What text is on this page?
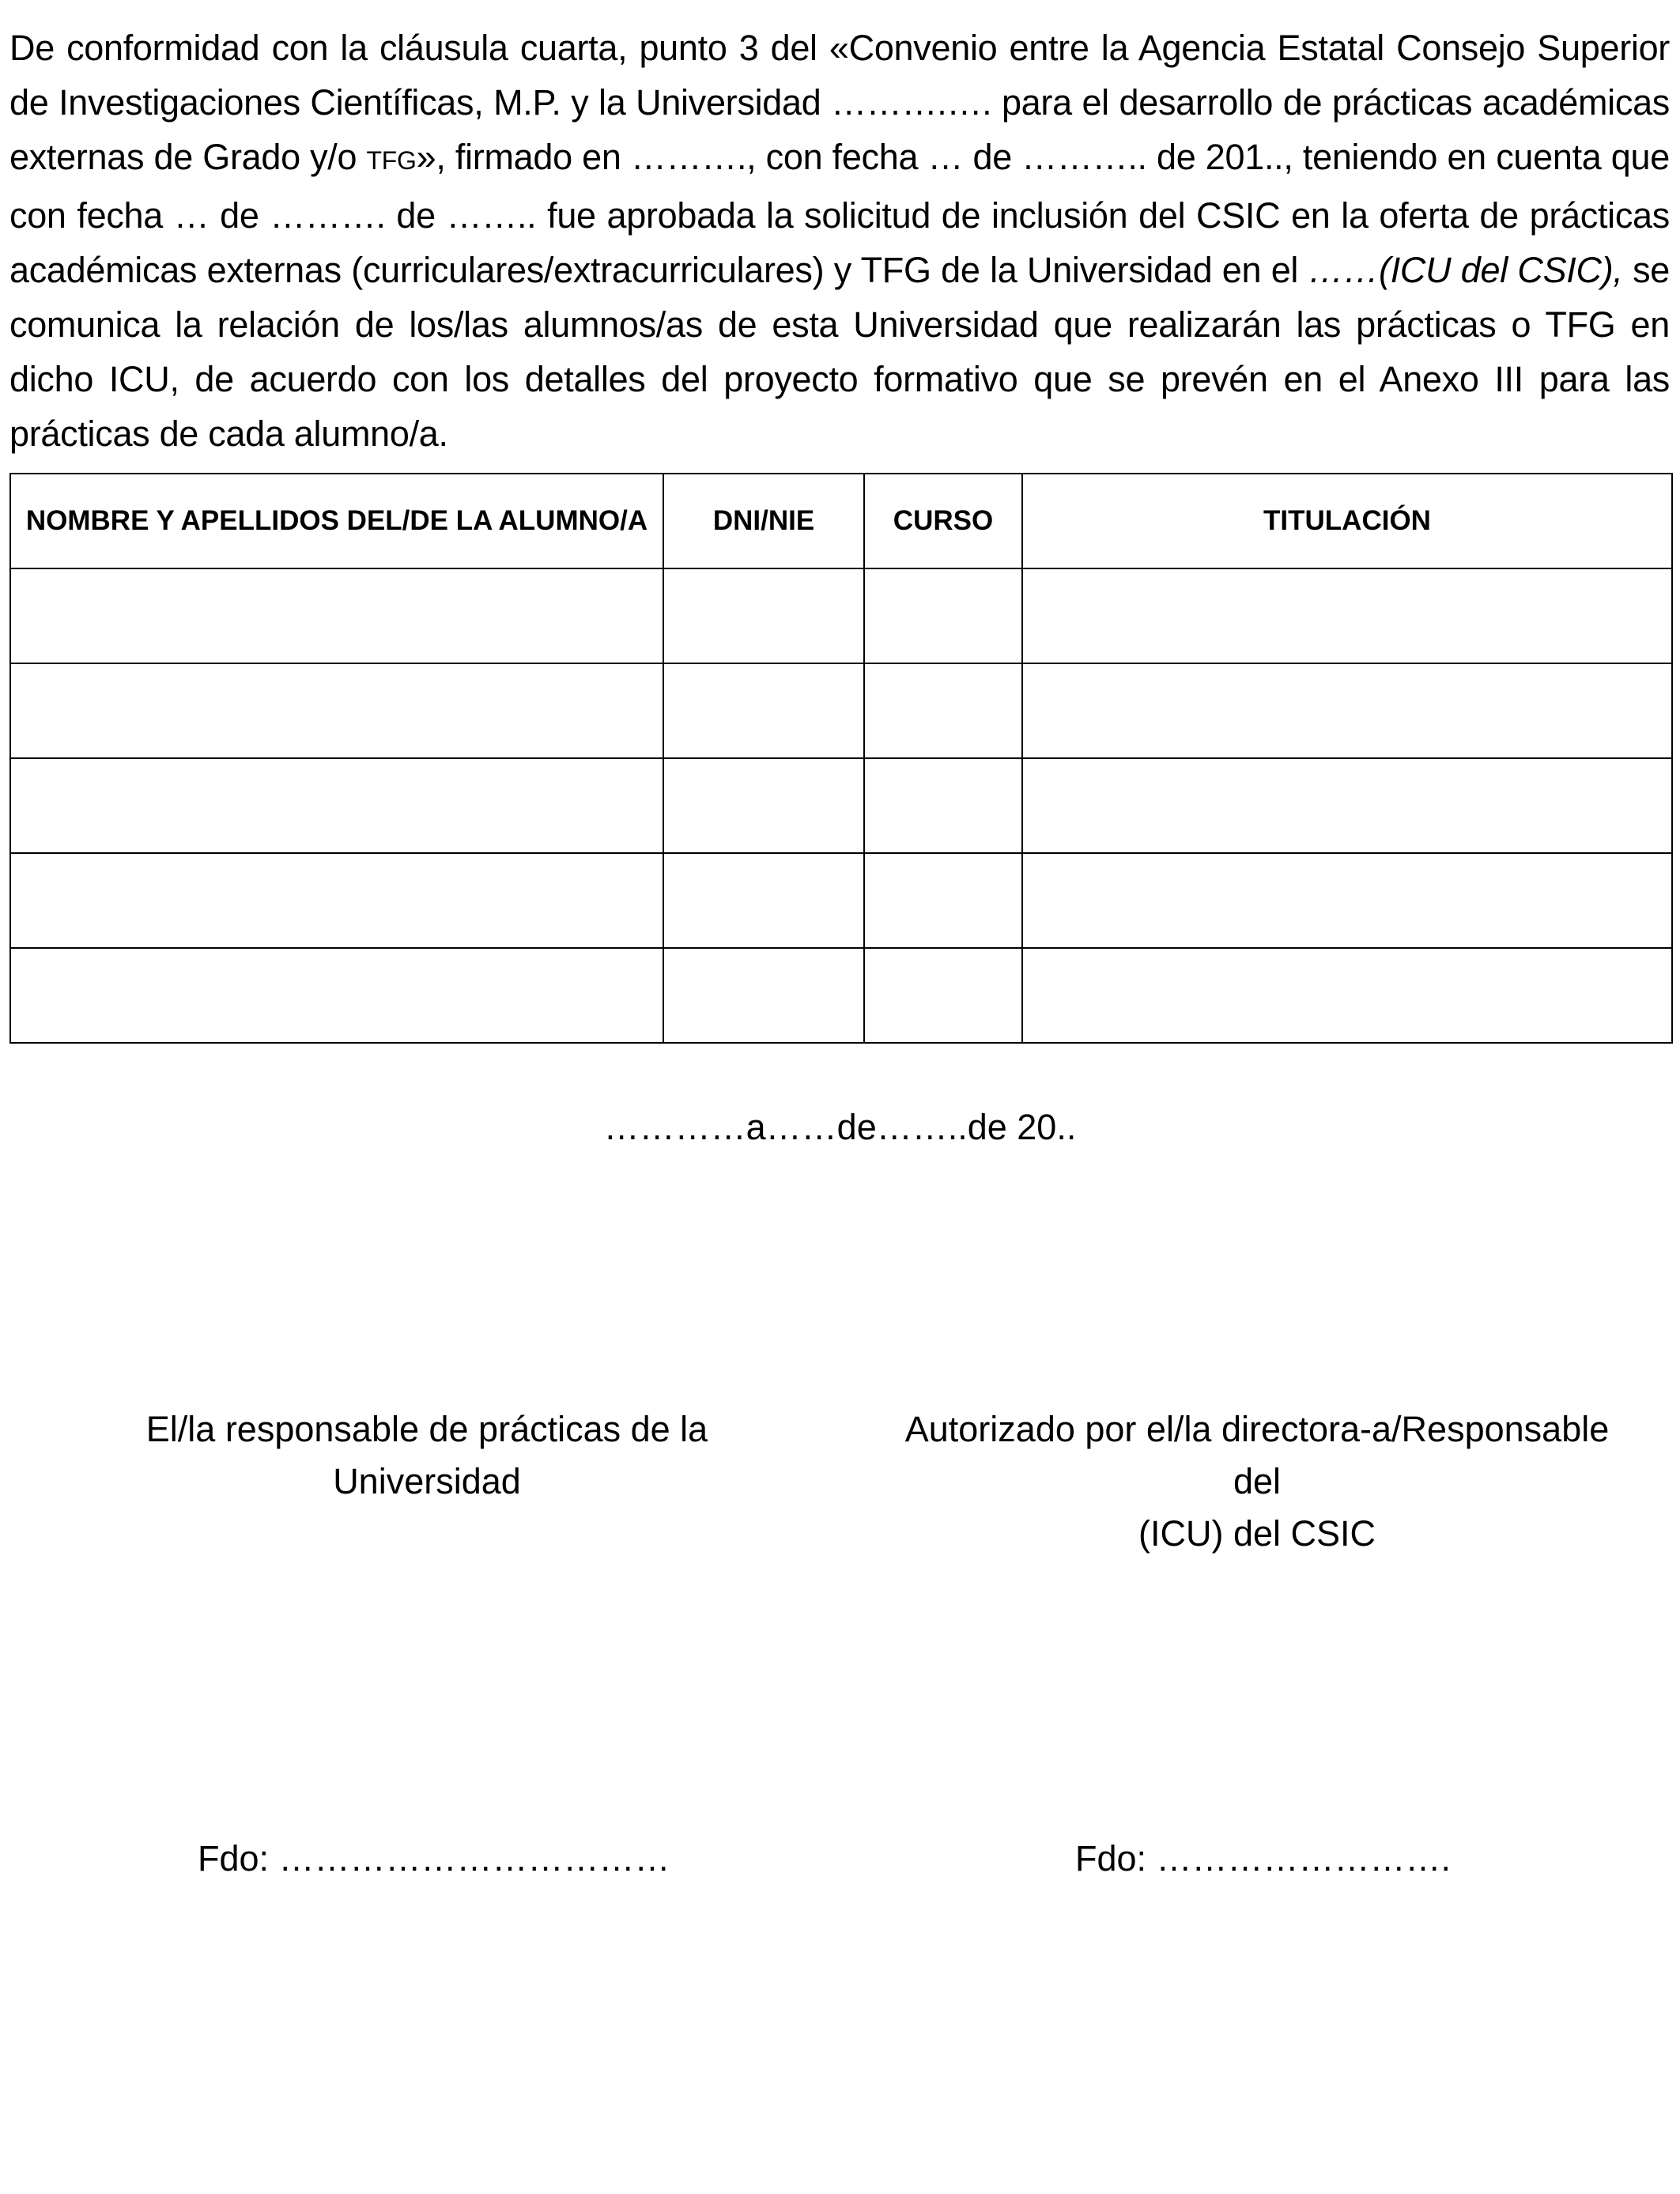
De conformidad con la cláusula cuarta, punto 3 del «Convenio entre la Agencia Estatal Consejo Superior de Investigaciones Científicas, M.P. y la Universidad ……….…. para el desarrollo de prácticas académicas externas de Grado y/o TFG», firmado en ………., con fecha … de ……….. de 201.., teniendo en cuenta que con fecha … de ………. de …….. fue aprobada la solicitud de inclusión del CSIC en la oferta de prácticas académicas externas (curriculares/extracurriculares) y TFG de la Universidad en el ……(ICU del CSIC), se comunica la relación de los/las alumnos/as de esta Universidad que realizarán las prácticas o TFG en dicho ICU, de acuerdo con los detalles del proyecto formativo que se prevén en el Anexo III para las prácticas de cada alumno/a.

NOMBRE Y APELLIDOS DEL/DE LA ALUMNO/A	DNI/NIE	CURSO	TITULACIÓN

…………a……de……..de 20..

El/la responsable de prácticas de la Universidad

Autorizado por el/la directora-a/Responsable del
(ICU) del CSIC

Fdo: ……………………………	Fdo: …………………….
